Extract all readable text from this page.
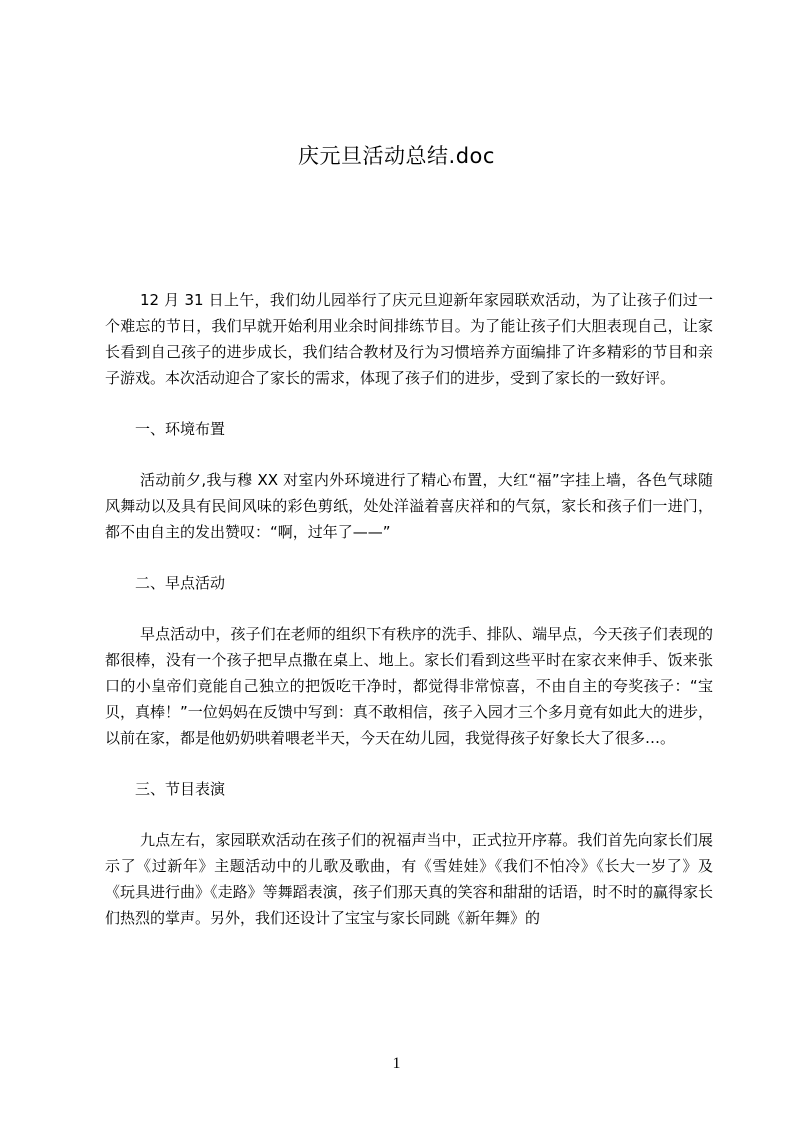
庆元旦活动总结.doc

12 月 31 日上午，我们幼儿园举行了庆元旦迎新年家园联欢活动，为了让孩子们过一个难忘的节日，我们早就开始利用业余时间排练节目。为了能让孩子们大胆表现自己，让家长看到自己孩子的进步成长，我们结合教材及行为习惯培养方面编排了许多精彩的节目和亲子游戏。本次活动迎合了家长的需求，体现了孩子们的进步，受到了家长的一致好评。

一、环境布置

活动前夕,我与穆 XX 对室内外环境进行了精心布置，大红“福”字挂上墙，各色气球随风舞动以及具有民间风味的彩色剪纸，处处洋溢着喜庆祥和的气氛，家长和孩子们一进门，都不由自主的发出赞叹：“啊，过年了——”

二、早点活动

早点活动中，孩子们在老师的组织下有秩序的洗手、排队、端早点，今天孩子们表现的都很棒，没有一个孩子把早点撒在桌上、地上。家长们看到这些平时在家衣来伸手、饭来张口的小皇帝们竟能自己独立的把饭吃干净时，都觉得非常惊喜，不由自主的夸奖孩子：“宝贝，真棒！”一位妈妈在反馈中写到：真不敢相信，孩子入园才三个多月竟有如此大的进步，以前在家，都是他奶奶哄着喂老半天，今天在幼儿园，我觉得孩子好象长大了很多…。

三、节目表演

九点左右，家园联欢活动在孩子们的祝福声当中，正式拉开序幕。我们首先向家长们展示了《过新年》主题活动中的儿歌及歌曲，有《雪娃娃》《我们不怕冷》《长大一岁了》及《玩具进行曲》《走路》等舞蹈表演，孩子们那天真的笑容和甜甜的话语，时不时的赢得家长们热烈的掌声。另外，我们还设计了宝宝与家长同跳《新年舞》的

1
